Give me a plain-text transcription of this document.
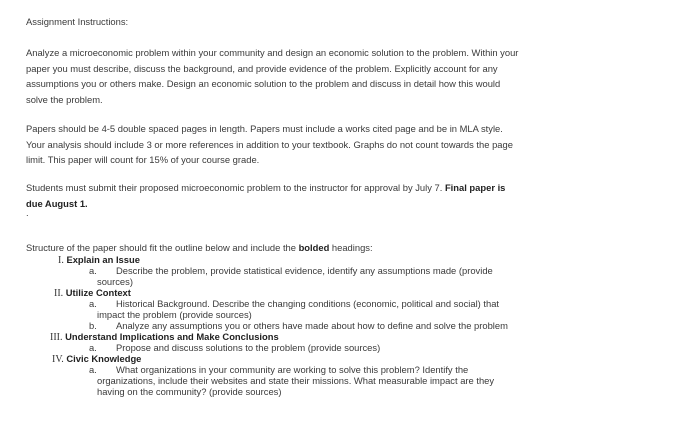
Assignment Instructions:
Analyze a microeconomic problem within your community and design an economic solution to the problem. Within your
paper you must describe, discuss the background, and provide evidence of the problem. Explicitly account for any
assumptions you or others make. Design an economic solution to the problem and discuss in detail how this would
solve the problem.
Papers should be 4-5 double spaced pages in length. Papers must include a works cited page and be in MLA style.
Your analysis should include 3 or more references in addition to your textbook. Graphs do not count towards the page
limit. This paper will count for 15% of your course grade.
Students must submit their proposed microeconomic problem to the instructor for approval by July 7. Final paper is
due August 1.
.
Structure of the paper should fit the outline below and include the bolded headings:
I. Explain an Issue
a. Describe the problem, provide statistical evidence, identify any assumptions made (provide
sources)
II. Utilize Context
a. Historical Background. Describe the changing conditions (economic, political and social) that
impact the problem (provide sources)
b. Analyze any assumptions you or others have made about how to define and solve the problem
III. Understand Implications and Make Conclusions
a. Propose and discuss solutions to the problem (provide sources)
IV. Civic Knowledge
a. What organizations in your community are working to solve this problem? Identify the
organizations, include their websites and state their missions. What measurable impact are they
having on the community? (provide sources)
